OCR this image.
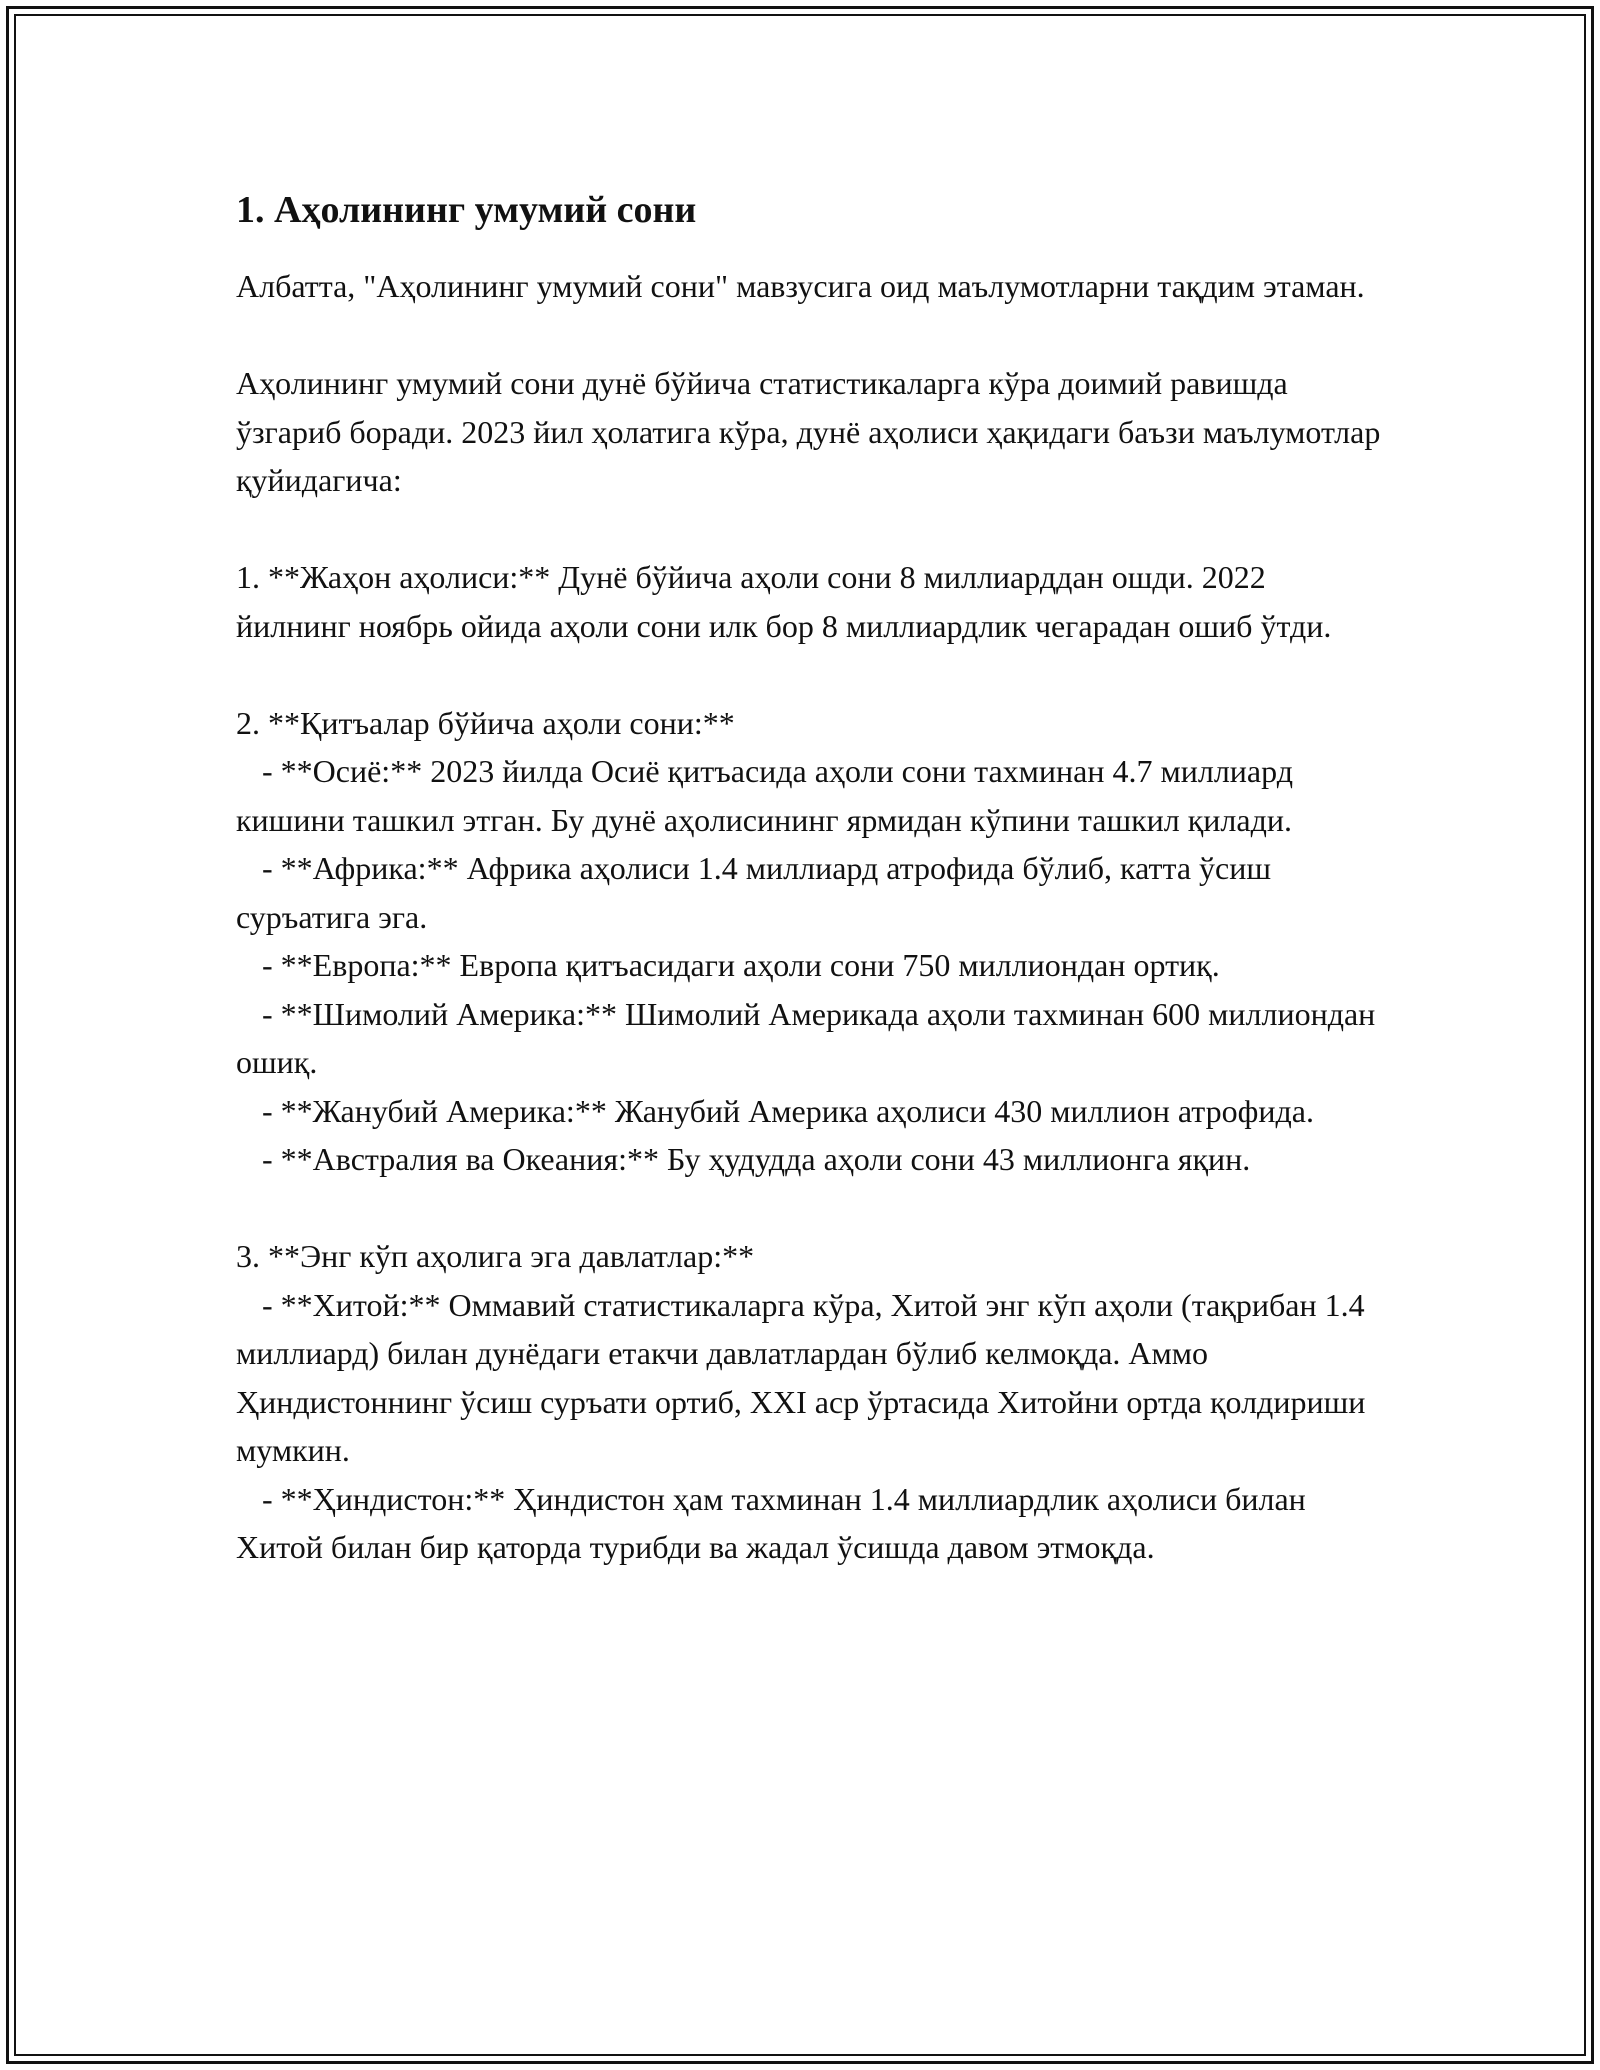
1. Аҳолининг умумий сони

Албатта, "Аҳолининг умумий сони" мавзусига оид маълумотларни тақдим этаман.

Аҳолининг умумий сони дунё бўйича статистикаларга кўра доимий равишда ўзгариб боради. 2023 йил ҳолатига кўра, дунё аҳолиси ҳақидаги баъзи маълумотлар қуйидагича:

1. **Жаҳон аҳолиси:** Дунё бўйича аҳоли сони 8 миллиарддан ошди. 2022 йилнинг ноябрь ойида аҳоли сони илк бор 8 миллиардлик чегарадан ошиб ўтди.

2. **Қитъалар бўйича аҳоли сони:**

- **Осиё:** 2023 йилда Осиё қитъасида аҳоли сони тахминан 4.7 миллиард кишини ташкил этган. Бу дунё аҳолисининг ярмидан кўпини ташкил қилади.

- **Африка:** Африка аҳолиси 1.4 миллиард атрофида бўлиб, катта ўсиш суръатига эга.

- **Европа:** Европа қитъасидаги аҳоли сони 750 миллиондан ортиқ.

- **Шимолий Америка:** Шимолий Америкада аҳоли тахминан 600 миллиондан ошиқ.

- **Жанубий Америка:** Жанубий Америка аҳолиси 430 миллион атрофида.

- **Австралия ва Океания:** Бу ҳудудда аҳоли сони 43 миллионга яқин.

3. **Энг кўп аҳолига эга давлатлар:**

- **Хитой:** Оммавий статистикаларга кўра, Хитой энг кўп аҳоли (тақрибан 1.4 миллиард) билан дунёдаги етакчи давлатлардан бўлиб келмоқда. Аммо Ҳиндистоннинг ўсиш суръати ортиб, XXI аср ўртасида Хитойни ортда қолдириши мумкин.

- **Ҳиндистон:** Ҳиндистон ҳам тахминан 1.4 миллиардлик аҳолиси билан Хитой билан бир қаторда турибди ва жадал ўсишда давом этмоқда.
